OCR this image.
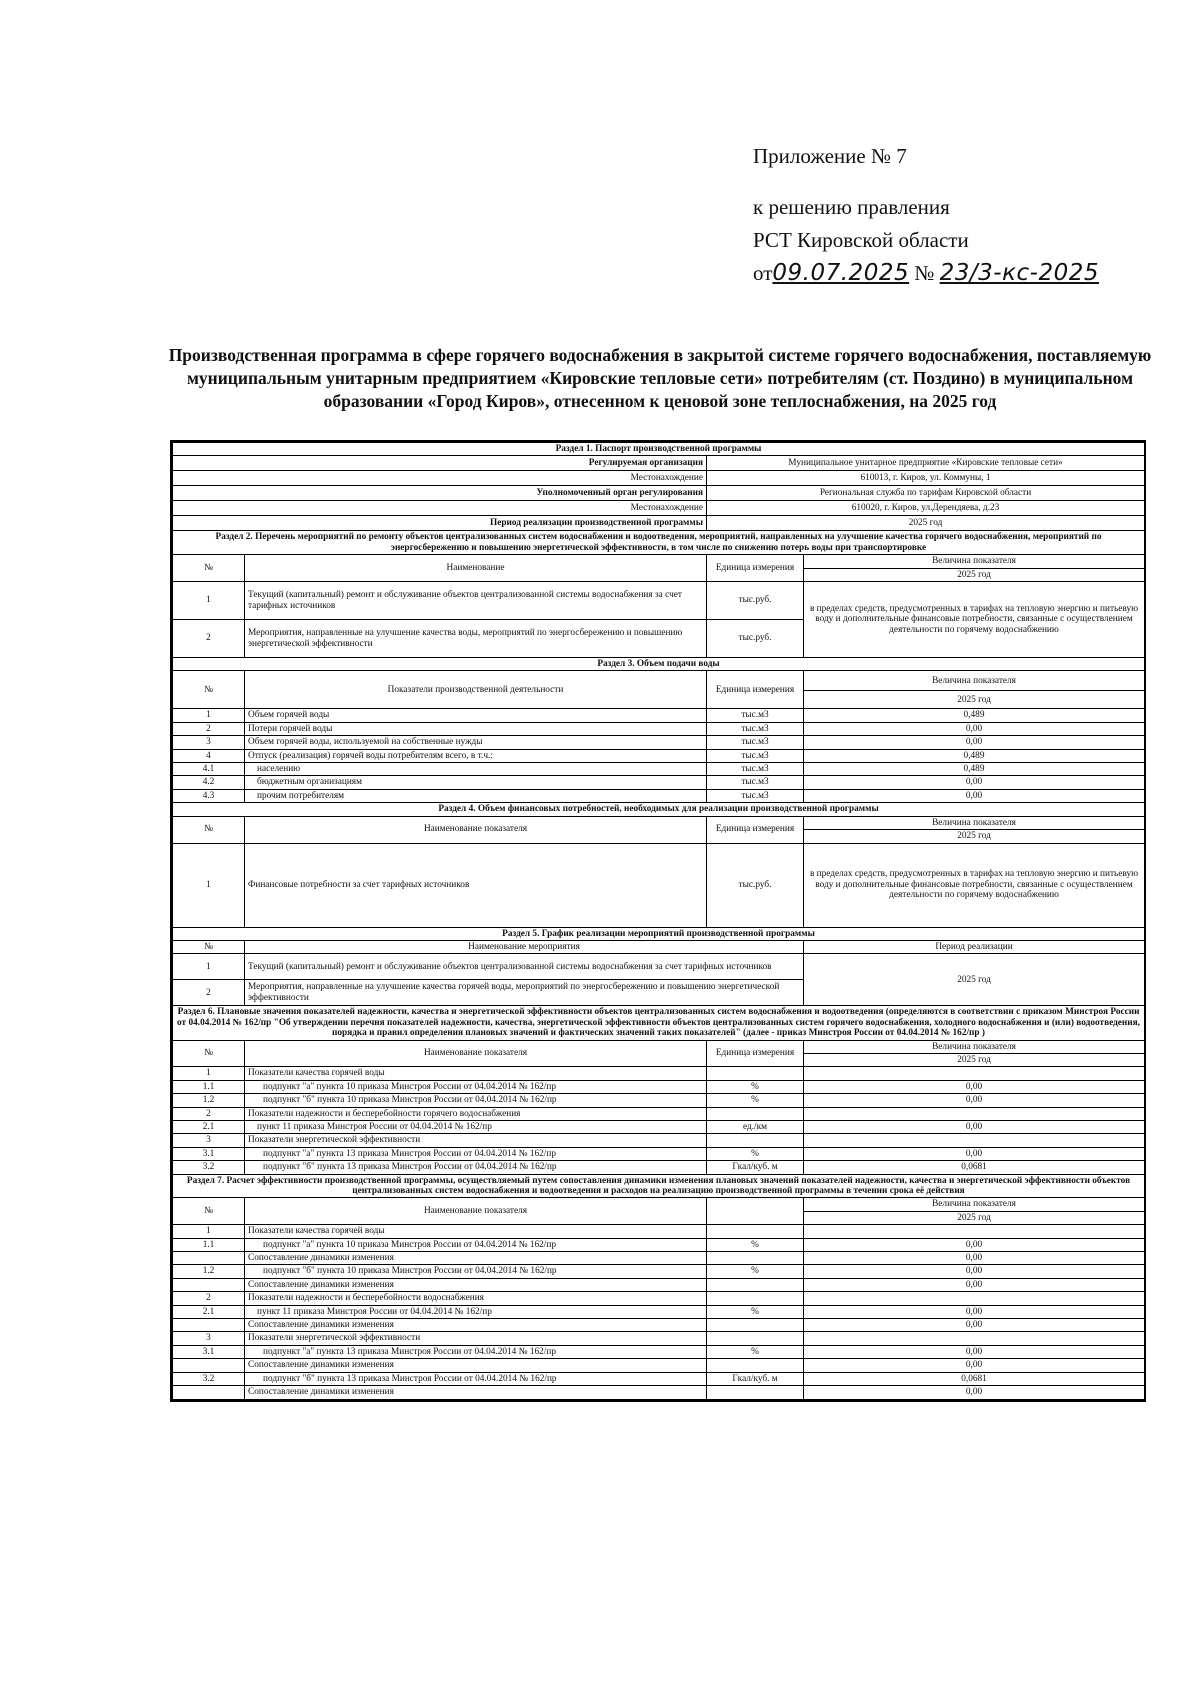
Приложение № 7
к решению правления
РСТ Кировской области
от09.07.2025 № 23/3-кс-2025
Производственная программа в сфере горячего водоснабжения в закрытой системе горячего водоснабжения, поставляемую муниципальным унитарным предприятием «Кировские тепловые сети» потребителям (ст. Поздино) в муниципальном образовании «Город Киров», отнесенном к ценовой зоне теплоснабжения, на 2025 год
Раздел 1. Паспорт производственной программы			
Регулируемая организация		Муниципальное унитарное предприятие «Кировские тепловые сети»	
Местонахождение		610013, г. Киров, ул. Коммуны, 1	
Уполномоченный орган регулирования		Региональная служба по тарифам Кировской области	
Местонахождение		610020, г. Киров, ул.Дерендяева, д.23	
Период реализации производственной программы		2025 год	
Раздел 2. Перечень мероприятий по ремонту объектов централизованных систем водоснабжения и водоотведения, мероприятий, направленных на улучшение качества горячего водоснабжения, мероприятий по энергосбережению и повышению энергетической эффективности, в том числе по снижению потерь воды при транспортировке			
№	Наименование	Единица измерения	Величина показателя
			2025 год
1	Текущий (капитальный) ремонт и обслуживание объектов централизованной системы водоснабжения за счет тарифных источников	тыс.руб.	в пределах средств, предусмотренных в тарифах на тепловую энергию и питьевую воду и дополнительные финансовые потребности, связанные с осуществлением деятельности по горячему водоснабжению
2	Мероприятия, направленные на улучшение качества воды, мероприятий по энергосбережению и повышению энергетической эффективности	тыс.руб.	
Раздел 3. Объем подачи воды			
№	Показатели производственной деятельности	Единица измерения	Величина показателя
			2025 год
1	Объем горячей воды	тыс.м3	0,489
2	Потери горячей воды	тыс.м3	0,00
3	Объем горячей воды, используемой на собственные нужды	тыс.м3	0,00
4	Отпуск (реализация) горячей воды потребителям всего, в т.ч.:	тыс.м3	0,489
4.1	населению	тыс.м3	0,489
4.2	бюджетным организациям	тыс.м3	0,00
4.3	прочим потребителям	тыс.м3	0,00
Раздел 4. Объем финансовых потребностей, необходимых для реализации производственной программы			
№	Наименование показателя	Единица измерения	Величина показателя
			2025 год
1	Финансовые потребности за счет тарифных источников	тыс.руб.	в пределах средств, предусмотренных в тарифах на тепловую энергию и питьевую воду и дополнительные финансовые потребности, связанные с осуществлением деятельности по горячему водоснабжению
Раздел 5. График реализации мероприятий производственной программы			
№	Наименование мероприятия		Период реализации
1	Текущий (капитальный) ремонт и обслуживание объектов централизованной системы водоснабжения за счет тарифных источников		2025 год
2	Мероприятия, направленные на улучшение качества горячей воды, мероприятий по энергосбережению и повышению энергетической эффективности		
Раздел 6. Плановые значения показателей надежности, качества и энергетической эффективности объектов централизованных систем водоснабжения и водоотведения (определяются в соответствии с приказом Минстроя России от 04.04.2014 № 162/пр "Об утверждении перечня показателей надежности, качества, энергетической эффективности объектов централизованных систем горячего водоснабжения, холодного водоснабжения и (или) водоотведения, порядка и правил определения плановых значений и фактических значений таких показателей" (далее - приказ Минстроя России от 04.04.2014 № 162/пр )			
№	Наименование показателя	Единица измерения	Величина показателя
			2025 год
1	Показатели качества горячей воды		
1.1	подпункт "а" пункта 10 приказа Минстроя России от 04.04.2014 № 162/пр	%	0,00
1.2	подпункт "б" пункта 10 приказа Минстроя России от 04.04.2014 № 162/пр	%	0,00
2	Показатели надежности и бесперебойности горячего водоснабжения		
2.1	пункт 11 приказа Минстроя России от 04.04.2014 № 162/пр	ед./км	0,00
3	Показатели энергетической эффективности		
3.1	подпункт "а" пункта 13 приказа Минстроя России от 04.04.2014 № 162/пр	%	0,00
3.2	подпункт "б" пункта 13 приказа Минстроя России от 04.04.2014 № 162/пр	Гкал/куб. м	0,0681
Раздел 7. Расчет эффективности производственной программы, осуществляемый путем сопоставления динамики изменения плановых значений показателей надежности, качества и энергетической эффективности объектов централизованных систем водоснабжения и водоотведения и расходов на реализацию производственной программы в течении срока её действия			
№	Наименование показателя		Величина показателя
			2025 год
1	Показатели качества горячей воды		
1.1	подпункт "а" пункта 10 приказа Минстроя России от 04.04.2014 № 162/пр	%	0,00
	Сопоставление динамики изменения		0,00
1.2	подпункт "б" пункта 10 приказа Минстроя России от 04.04.2014 № 162/пр	%	0,00
	Сопоставление динамики изменения		0,00
2	Показатели надежности и бесперебойности водоснабжения		
2.1	пункт 11 приказа Минстроя России от 04.04.2014 № 162/пр	%	0,00
	Сопоставление динамики изменения		0,00
3	Показатели энергетической эффективности		
3.1	подпункт "а" пункта 13 приказа Минстроя России от 04.04.2014 № 162/пр	%	0,00
	Сопоставление динамики изменения		0,00
3.2	подпункт "б" пункта 13 приказа Минстроя России от 04.04.2014 № 162/пр	Гкал/куб. м	0,0681
	Сопоставление динамики изменения		0,00
